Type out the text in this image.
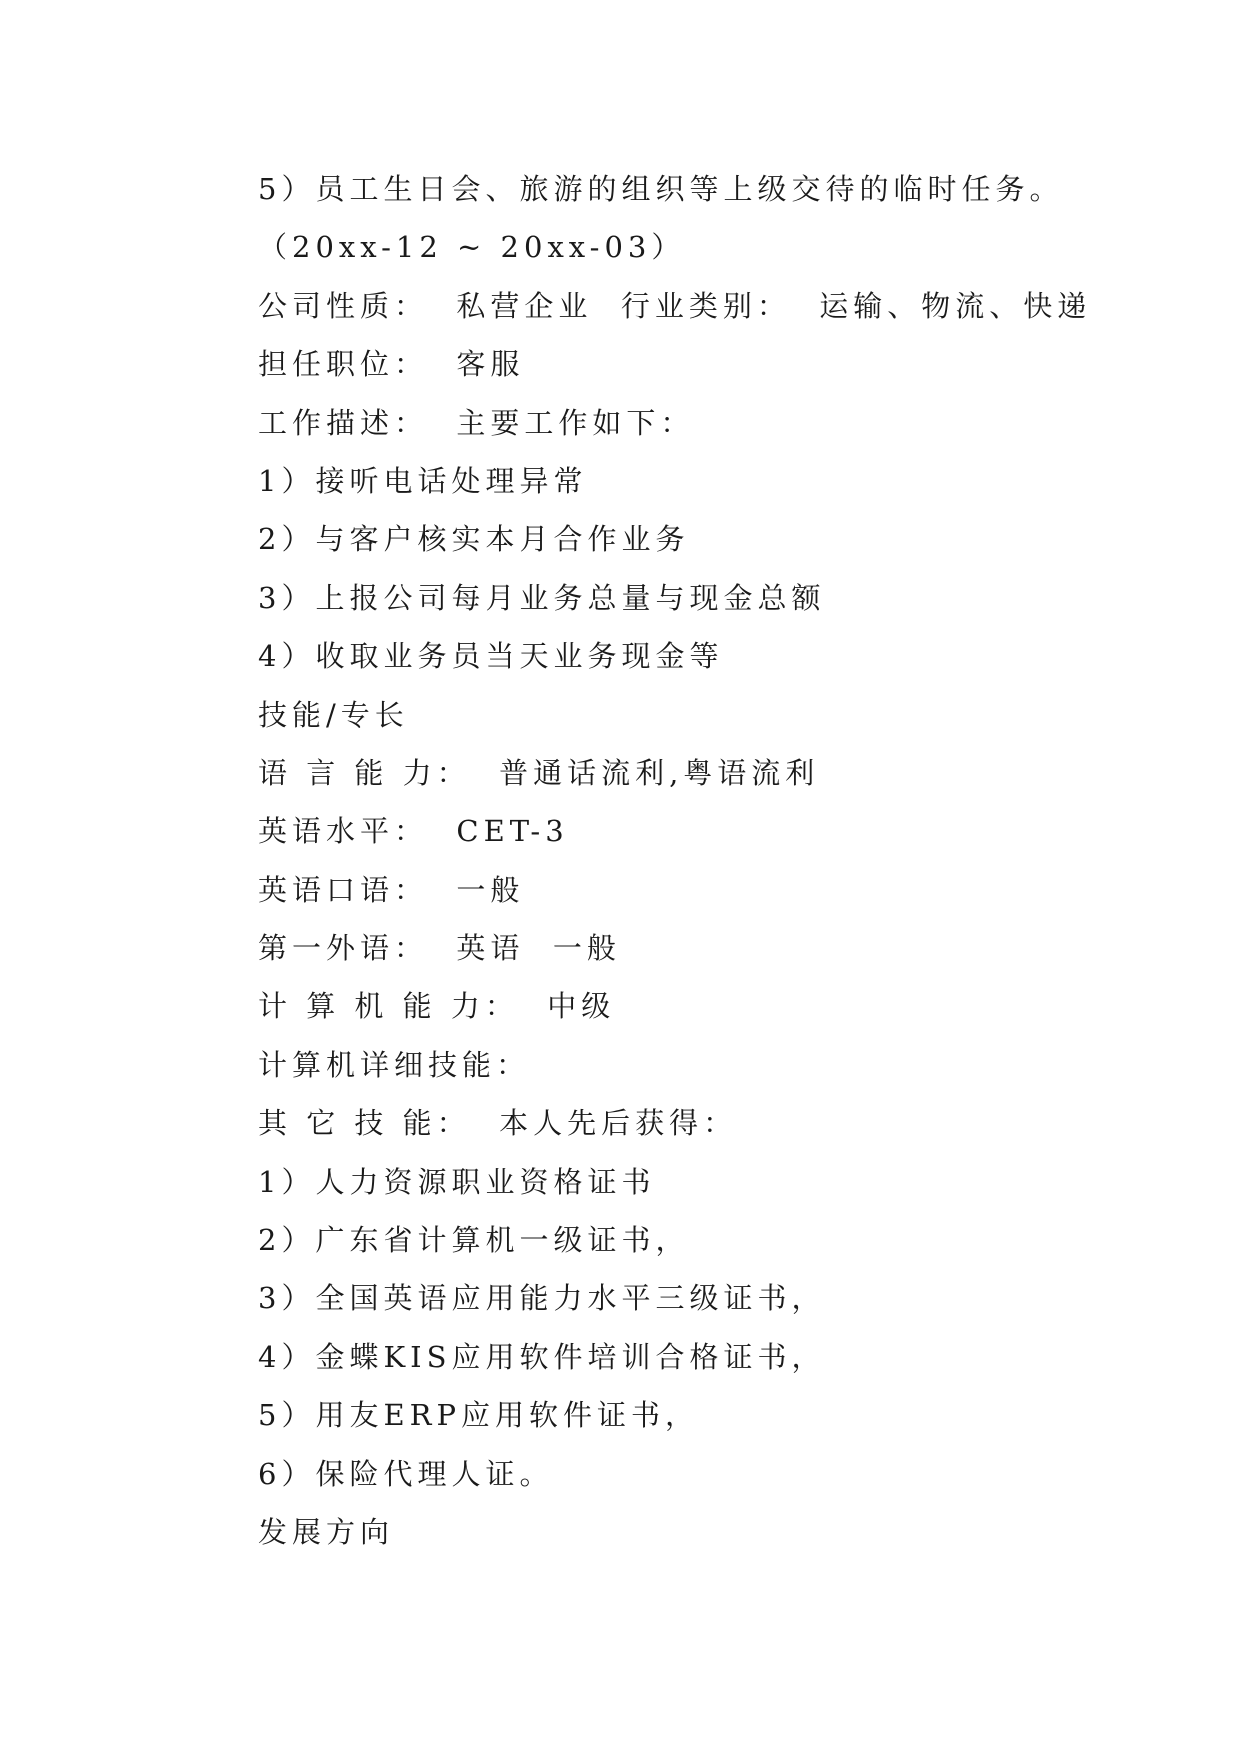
5）员工生日会、旅游的组织等上级交待的临时任务。
（20xx-12 ~ 20xx-03）
公司性质：  私营企业  行业类别：  运输、物流、快递
担任职位：  客服
工作描述：  主要工作如下：
1）接听电话处理异常
2）与客户核实本月合作业务
3）上报公司每月业务总量与现金总额
4）收取业务员当天业务现金等
技能/专长
语 言 能 力：  普通话流利,粤语流利
英语水平：  CET-3
英语口语：  一般
第一外语：  英语  一般
计 算 机 能 力：  中级
计算机详细技能：
其 它 技 能：  本人先后获得：
1）人力资源职业资格证书
2）广东省计算机一级证书，
3）全国英语应用能力水平三级证书，
4）金蝶KIS应用软件培训合格证书，
5）用友ERP应用软件证书，
6）保险代理人证。
发展方向
